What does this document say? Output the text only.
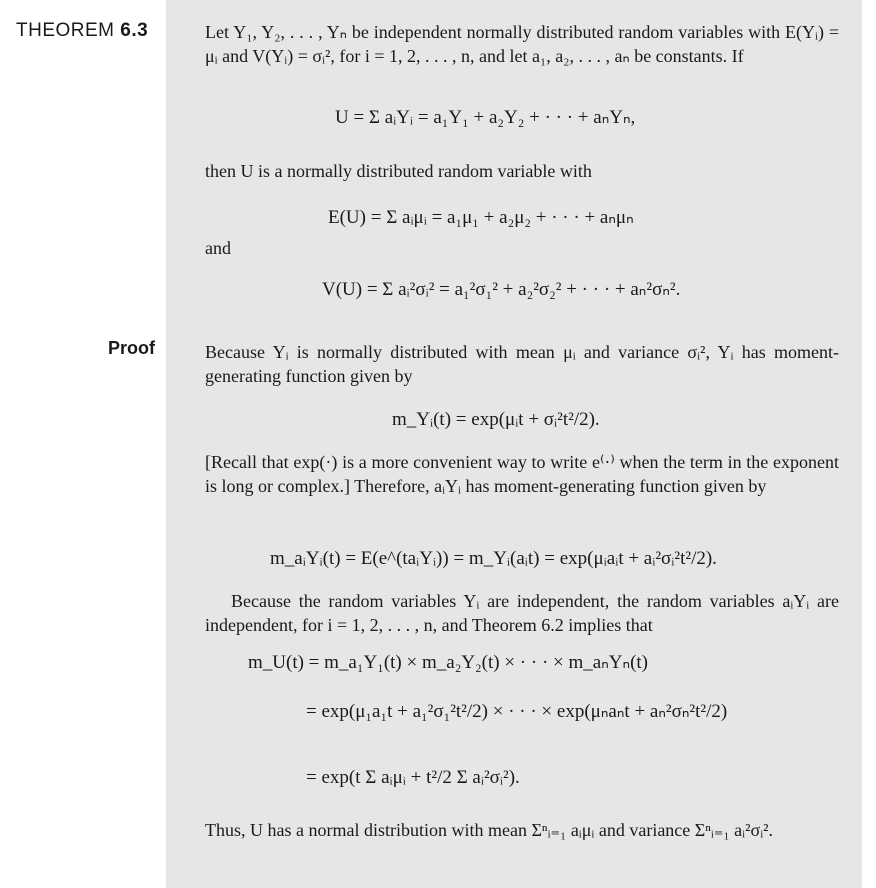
THEOREM 6.3
Proof
Let Y₁, Y₂, . . . , Yₙ be independent normally distributed random variables with E(Yᵢ) = μᵢ and V(Yᵢ) = σᵢ², for i = 1, 2, . . . , n, and let a₁, a₂, . . . , aₙ be constants. If
U = Σ aᵢYᵢ = a₁Y₁ + a₂Y₂ + · · · + aₙYₙ,
then U is a normally distributed random variable with
E(U) = Σ aᵢμᵢ = a₁μ₁ + a₂μ₂ + · · · + aₙμₙ
and
V(U) = Σ aᵢ²σᵢ² = a₁²σ₁² + a₂²σ₂² + · · · + aₙ²σₙ².
Because Yᵢ is normally distributed with mean μᵢ and variance σᵢ², Yᵢ has moment-generating function given by
m_Yᵢ(t) = exp(μᵢt + σᵢ²t²/2).
[Recall that exp(·) is a more convenient way to write e⁽·⁾ when the term in the exponent is long or complex.] Therefore, aᵢYᵢ has moment-generating function given by
m_aᵢYᵢ(t) = E(e^(taᵢYᵢ)) = m_Yᵢ(aᵢt) = exp(μᵢaᵢt + aᵢ²σᵢ²t²/2).
Because the random variables Yᵢ are independent, the random variables aᵢYᵢ are independent, for i = 1, 2, . . . , n, and Theorem 6.2 implies that
m_U(t) = m_a₁Y₁(t) × m_a₂Y₂(t) × · · · × m_aₙYₙ(t)
= exp(μ₁a₁t + a₁²σ₁²t²/2) × · · · × exp(μₙaₙt + aₙ²σₙ²t²/2)
= exp(t Σ aᵢμᵢ + t²/2 Σ aᵢ²σᵢ²).
Thus, U has a normal distribution with mean Σⁿᵢ₌₁ aᵢμᵢ and variance Σⁿᵢ₌₁ aᵢ²σᵢ².
